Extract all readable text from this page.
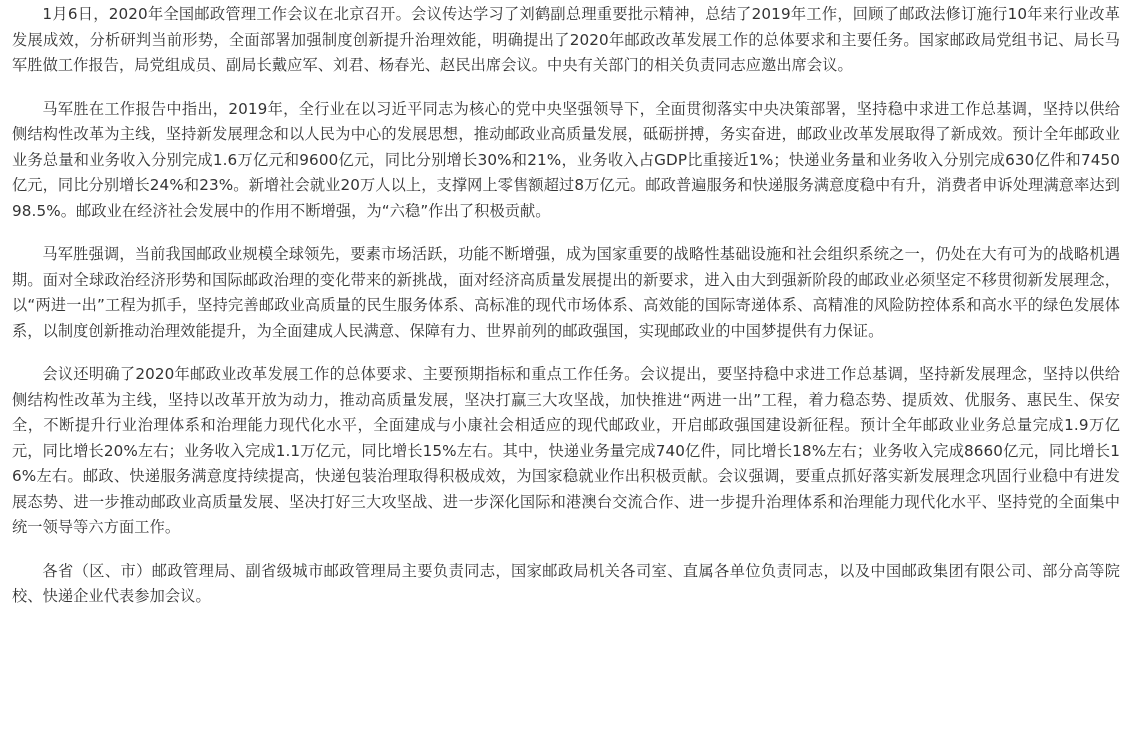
1月6日，2020年全国邮政管理工作会议在北京召开。会议传达学习了刘鹤副总理重要批示精神，总结了2019年工作，回顾了邮政法修订施行10年来行业改革发展成效，分析研判当前形势，全面部署加强制度创新提升治理效能，明确提出了2020年邮政改革发展工作的总体要求和主要任务。国家邮政局党组书记、局长马军胜做工作报告，局党组成员、副局长戴应军、刘君、杨春光、赵民出席会议。中央有关部门的相关负责同志应邀出席会议。

马军胜在工作报告中指出，2019年，全行业在以习近平同志为核心的党中央坚强领导下，全面贯彻落实中央决策部署，坚持稳中求进工作总基调，坚持以供给侧结构性改革为主线，坚持新发展理念和以人民为中心的发展思想，推动邮政业高质量发展，砥砺拼搏，务实奋进，邮政业改革发展取得了新成效。预计全年邮政业业务总量和业务收入分别完成1.6万亿元和9600亿元，同比分别增长30%和21%，业务收入占GDP比重接近1%；快递业务量和业务收入分别完成630亿件和7450亿元，同比分别增长24%和23%。新增社会就业20万人以上，支撑网上零售额超过8万亿元。邮政普遍服务和快递服务满意度稳中有升，消费者申诉处理满意率达到98.5%。邮政业在经济社会发展中的作用不断增强，为“六稳”作出了积极贡献。

马军胜强调，当前我国邮政业规模全球领先，要素市场活跃，功能不断增强，成为国家重要的战略性基础设施和社会组织系统之一，仍处在大有可为的战略机遇期。面对全球政治经济形势和国际邮政治理的变化带来的新挑战，面对经济高质量发展提出的新要求，进入由大到强新阶段的邮政业必须坚定不移贯彻新发展理念，以“两进一出”工程为抓手，坚持完善邮政业高质量的民生服务体系、高标准的现代市场体系、高效能的国际寄递体系、高精准的风险防控体系和高水平的绿色发展体系，以制度创新推动治理效能提升，为全面建成人民满意、保障有力、世界前列的邮政强国，实现邮政业的中国梦提供有力保证。

会议还明确了2020年邮政业改革发展工作的总体要求、主要预期指标和重点工作任务。会议提出，要坚持稳中求进工作总基调，坚持新发展理念，坚持以供给侧结构性改革为主线，坚持以改革开放为动力，推动高质量发展，坚决打赢三大攻坚战，加快推进“两进一出”工程，着力稳态势、提质效、优服务、惠民生、保安全，不断提升行业治理体系和治理能力现代化水平，全面建成与小康社会相适应的现代邮政业，开启邮政强国建设新征程。预计全年邮政业业务总量完成1.9万亿元，同比增长20%左右；业务收入完成1.1万亿元，同比增长15%左右。其中，快递业务量完成740亿件，同比增长18%左右；业务收入完成8660亿元，同比增长16%左右。邮政、快递服务满意度持续提高，快递包装治理取得积极成效，为国家稳就业作出积极贡献。会议强调，要重点抓好落实新发展理念巩固行业稳中有进发展态势、进一步推动邮政业高质量发展、坚决打好三大攻坚战、进一步深化国际和港澳台交流合作、进一步提升治理体系和治理能力现代化水平、坚持党的全面集中统一领导等六方面工作。

各省（区、市）邮政管理局、副省级城市邮政管理局主要负责同志，国家邮政局机关各司室、直属各单位负责同志，以及中国邮政集团有限公司、部分高等院校、快递企业代表参加会议。
